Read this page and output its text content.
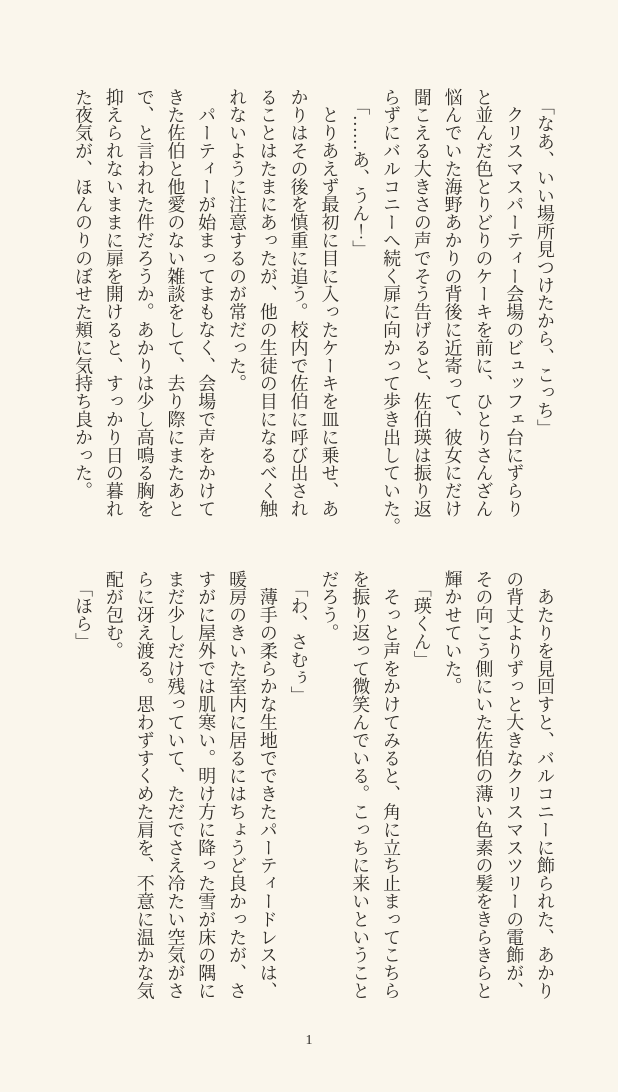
「なあ、いい場所見つけたから、こっち」

　クリスマスパーティー会場のビュッフェ台にずらり

と並んだ色とりどりのケーキを前に、ひとりさんざん

悩んでいた海野あかりの背後に近寄って、彼女にだけ

聞こえる大きさの声でそう告げると、佐伯瑛は振り返

らずにバルコニーへ続く扉に向かって歩き出していた。

「……あ、うん！」

　とりあえず最初に目に入ったケーキを皿に乗せ、あ

かりはその後を慎重に追う。校内で佐伯に呼び出され

ることはたまにあったが、他の生徒の目になるべく触

れないように注意するのが常だった。

　パーティーが始まってまもなく、会場で声をかけて

きた佐伯と他愛のない雑談をして、去り際にまたあと

で、と言われた件だろうか。あかりは少し高鳴る胸を

抑えられないままに扉を開けると、すっかり日の暮れ

た夜気が、ほんのりのぼせた頬に気持ち良かった。

　あたりを見回すと、バルコニーに飾られた、あかり

の背丈よりずっと大きなクリスマスツリーの電飾が、

その向こう側にいた佐伯の薄い色素の髪をきらきらと

輝かせていた。

「瑛くん」

　そっと声をかけてみると、角に立ち止まってこちら

を振り返って微笑んでいる。こっちに来いということ

だろう。

「わ、さむぅ」

　薄手の柔らかな生地でできたパーティードレスは、

暖房のきいた室内に居るにはちょうど良かったが、さ

すがに屋外では肌寒い。明け方に降った雪が床の隅に

まだ少しだけ残っていて、ただでさえ冷たい空気がさ

らに冴え渡る。思わずすくめた肩を、不意に温かな気

配が包む。

「ほら」

1
